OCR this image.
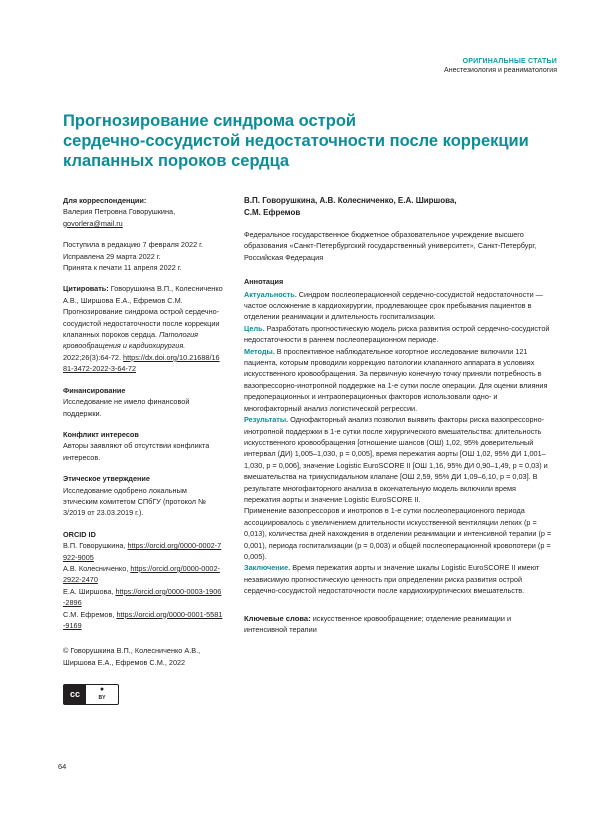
ОРИГИНАЛЬНЫЕ СТАТЬИ
Анестезиология и реаниматология
Прогнозирование синдрома острой
сердечно-сосудистой недостаточности после коррекции
клапанных пороков сердца
Для корреспонденции:
Валерия Петровна Говорушкина,
govorlera@mail.ru
Поступила в редакцию 7 февраля 2022 г.
Исправлена 29 марта 2022 г.
Принята к печати 11 апреля 2022 г.
Цитировать: Говорушкина В.П., Колесниченко А.В., Ширшова Е.А., Ефремов С.М. Прогнозирование синдрома острой сердечно-сосудистой недостаточности после коррекции клапанных пороков сердца. Патология кровообращения и кардиохирургия. 2022;26(3):64-72. https://dx.doi.org/10.21688/1681-3472-2022-3-64-72
Финансирование
Исследование не имело финансовой поддержки.
Конфликт интересов
Авторы заявляют об отсутствии конфликта интересов.
Этическое утверждение
Исследование одобрено локальным этическим комитетом СПбГУ (протокол № 3/2019 от 23.03.2019 г.).
ORCID ID
В.П. Говорушкина, https://orcid.org/0000-0002-7922-9005
А.В. Колесниченко, https://orcid.org/0000-0002-2922-2470
Е.А. Ширшова, https://orcid.org/0000-0003-1906-2896
С.М. Ефремов, https://orcid.org/0000-0001-5581-9169
© Говорушкина В.П., Колесниченко А.В., Ширшова Е.А., Ефремов С.М., 2022
cc	●
BY
В.П. Говорушкина, А.В. Колесниченко, Е.А. Ширшова,
С.М. Ефремов
Федеральное государственное бюджетное образовательное учреждение высшего образования «Санкт-Петербургский государственный университет», Санкт-Петербург, Российская Федерация
Аннотация

Актуальность. Синдром послеоперационной сердечно-сосудистой недостаточности — частое осложнение в кардиохирургии, продлевающее срок пребывания пациентов в отделении реанимации и длительность госпитализации.

Цель. Разработать прогностическую модель риска развития острой сердечно-сосудистой недостаточности в раннем послеоперационном периоде.

Методы. В проспективное наблюдательное когортное исследование включили 121 пациента, которым проводили коррекцию патологии клапанного аппарата в условиях искусственного кровообращения. За первичную конечную точку приняли потребность в вазопрессорно-инотропной поддержке на 1-е сутки после операции. Для оценки влияния предоперационных и интраоперационных факторов использовали одно- и многофакторный анализ логистической регрессии.

Результаты. Однофакторный анализ позволил выявить факторы риска вазопрессорно-инотропной поддержки в 1-е сутки после хирургического вмешательства: длительность искусственного кровообращения [отношение шансов (ОШ) 1,02, 95% доверительный интервал (ДИ) 1,005–1,030, p = 0,005], время пережатия аорты [ОШ 1,02, 95% ДИ 1,001–1,030, p = 0,006], значение Logistic EuroSCORE II [ОШ 1,16, 95% ДИ 0,90–1,49, p = 0,03) и вмешательства на трикуспидальном клапане [ОШ 2,59, 95% ДИ 1,09–6,10, p = 0,03]. В результате многофакторного анализа в окончательную модель включили время пережатия аорты и значение Logistic EuroSCORE II.

Применение вазопрессоров и инотропов в 1-е сутки послеоперационного периода ассоциировалось с увеличением длительности искусственной вентиляции легких (p = 0,013), количества дней нахождения в отделении реанимации и интенсивной терапии (p = 0,001), периода госпитализации (p = 0,003) и общей послеоперационной кровопотери (p = 0,005).

Заключение. Время пережатия аорты и значение шкалы Logistic EuroSCORE II имеют независимую прогностическую ценность при определении риска развития острой сердечно-сосудистой недостаточности после кардиохирургических вмешательств.

Ключевые слова: искусственное кровообращение; отделение реанимации и интенсивной терапии
64
